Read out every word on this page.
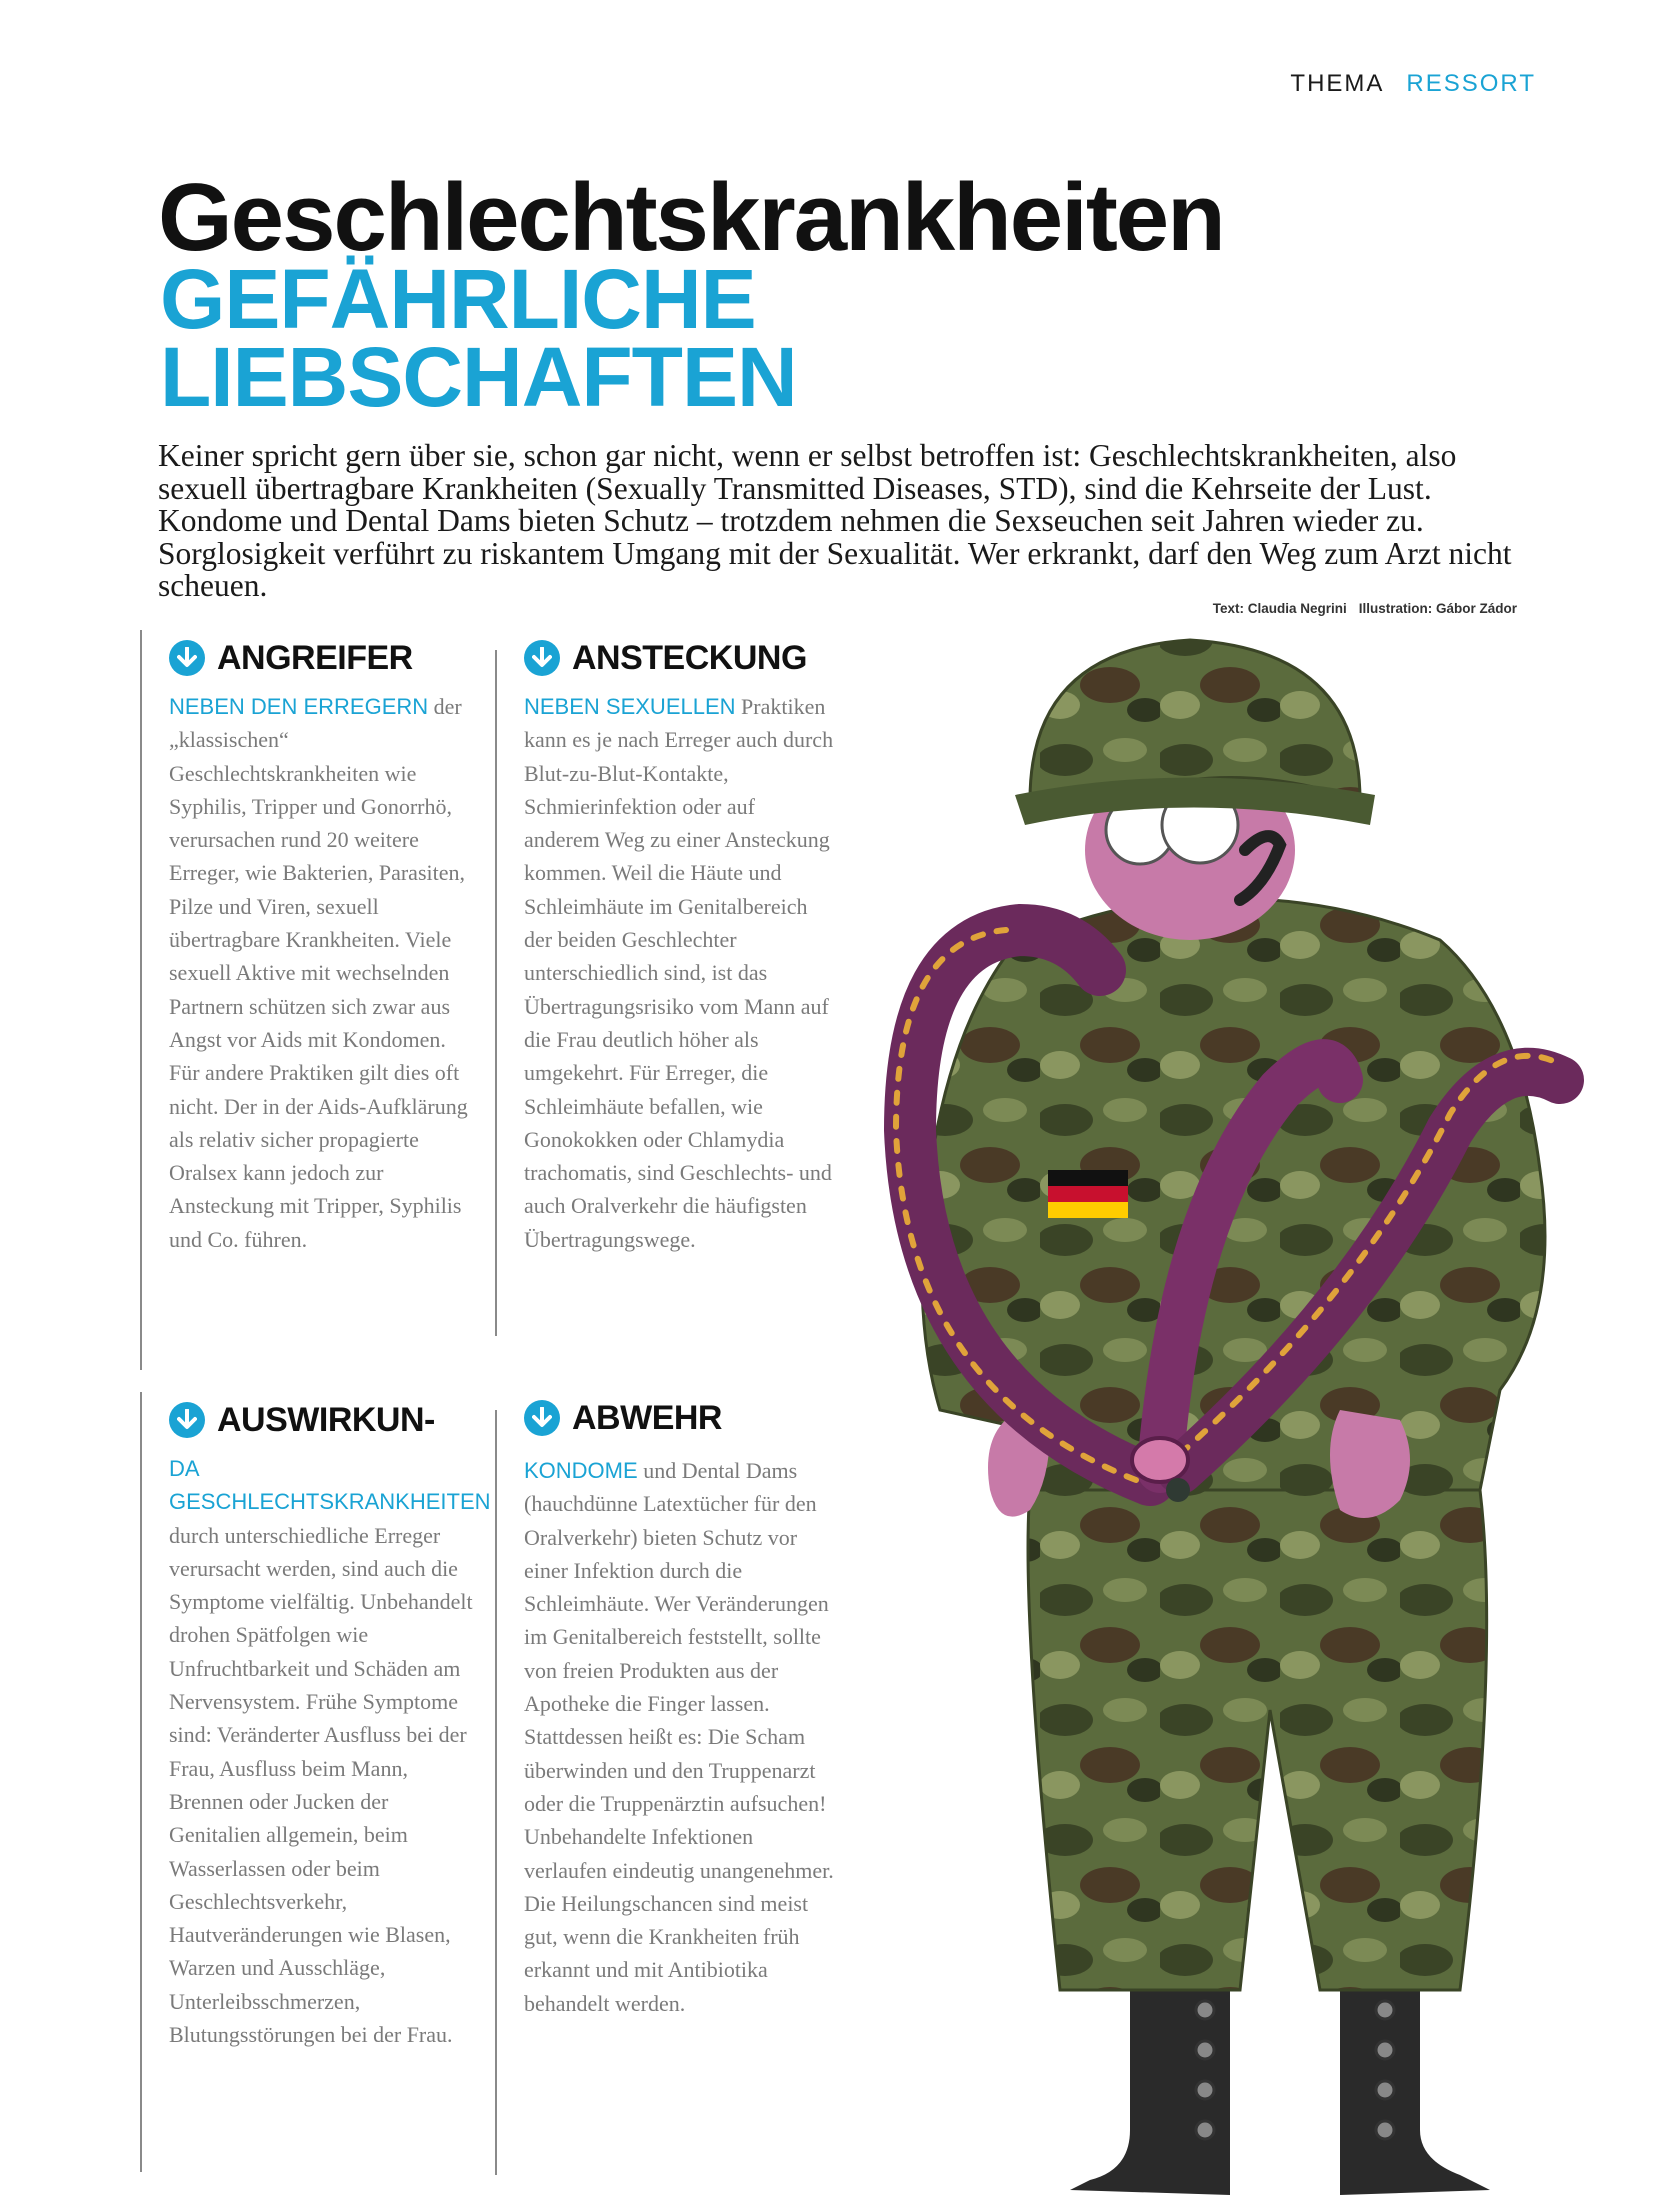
THEMA RESSORT
Geschlechtskrankheiten
GEFÄHRLICHE
LIEBSCHAFTEN

Keiner spricht gern über sie, schon gar nicht, wenn er selbst betroffen ist: Geschlechtskrankheiten, also sexuell übertragbare Krankheiten (Sexually Transmitted Diseases, STD), sind die Kehrseite der Lust. Kondome und Dental Dams bieten Schutz – trotzdem nehmen die Sexseuchen seit Jahren wieder zu. Sorglosigkeit verführt zu riskantem Umgang mit der Sexualität. Wer erkrankt, darf den Weg zum Arzt nicht scheuen.

Text: Claudia Negrini Illustration: Gábor Zádor
ANGREIFER

NEBEN DEN ERREGERN der „klassischen“ Geschlechtskrankheiten wie Syphilis, Tripper und Gonorrhö, verursachen rund 20 weitere Erreger, wie Bakterien, Parasiten, Pilze und Viren, sexuell übertragbare Krankheiten. Viele sexuell Aktive mit wechselnden Partnern schützen sich zwar aus Angst vor Aids mit Kondomen. Für andere Praktiken gilt dies oft nicht. Der in der Aids-Aufklärung als relativ sicher propagierte Oralsex kann jedoch zur Ansteckung mit Tripper, Syphilis und Co. führen.

ANSTECKUNG

NEBEN SEXUELLEN Praktiken kann es je nach Erreger auch durch Blut-zu-Blut-Kontakte, Schmierinfektion oder auf anderem Weg zu einer Ansteckung kommen. Weil die Häute und Schleimhäute im Genitalbereich der beiden Geschlechter unterschiedlich sind, ist das Übertragungsrisiko vom Mann auf die Frau deutlich höher als umgekehrt. Für Erreger, die Schleimhäute befallen, wie Gonokokken oder Chlamydia trachomatis, sind Geschlechts- und auch Oralverkehr die häufigsten Übertragungswege.

AUSWIRKUN-

DA GESCHLECHTSKRANKHEITEN durch unterschiedliche Erreger verursacht werden, sind auch die Symptome vielfältig. Unbehandelt drohen Spätfolgen wie Unfruchtbarkeit und Schäden am Nervensystem. Frühe Symptome sind: Veränderter Ausfluss bei der Frau, Ausfluss beim Mann, Brennen oder Jucken der Genitalien allgemein, beim Wasserlassen oder beim Geschlechtsverkehr, Hautveränderungen wie Blasen, Warzen und Ausschläge, Unterleibsschmerzen, Blutungsstörungen bei der Frau.

ABWEHR

KONDOME und Dental Dams (hauchdünne Latextücher für den Oralverkehr) bieten Schutz vor einer Infektion durch die Schleimhäute. Wer Veränderungen im Genitalbereich feststellt, sollte von freien Produkten aus der Apotheke die Finger lassen. Stattdessen heißt es: Die Scham überwinden und den Truppenarzt oder die Truppenärztin aufsuchen! Unbehandelte Infektionen verlaufen eindeutig unangenehmer. Die Heilungschancen sind meist gut, wenn die Krankheiten früh erkannt und mit Antibiotika behandelt werden.
